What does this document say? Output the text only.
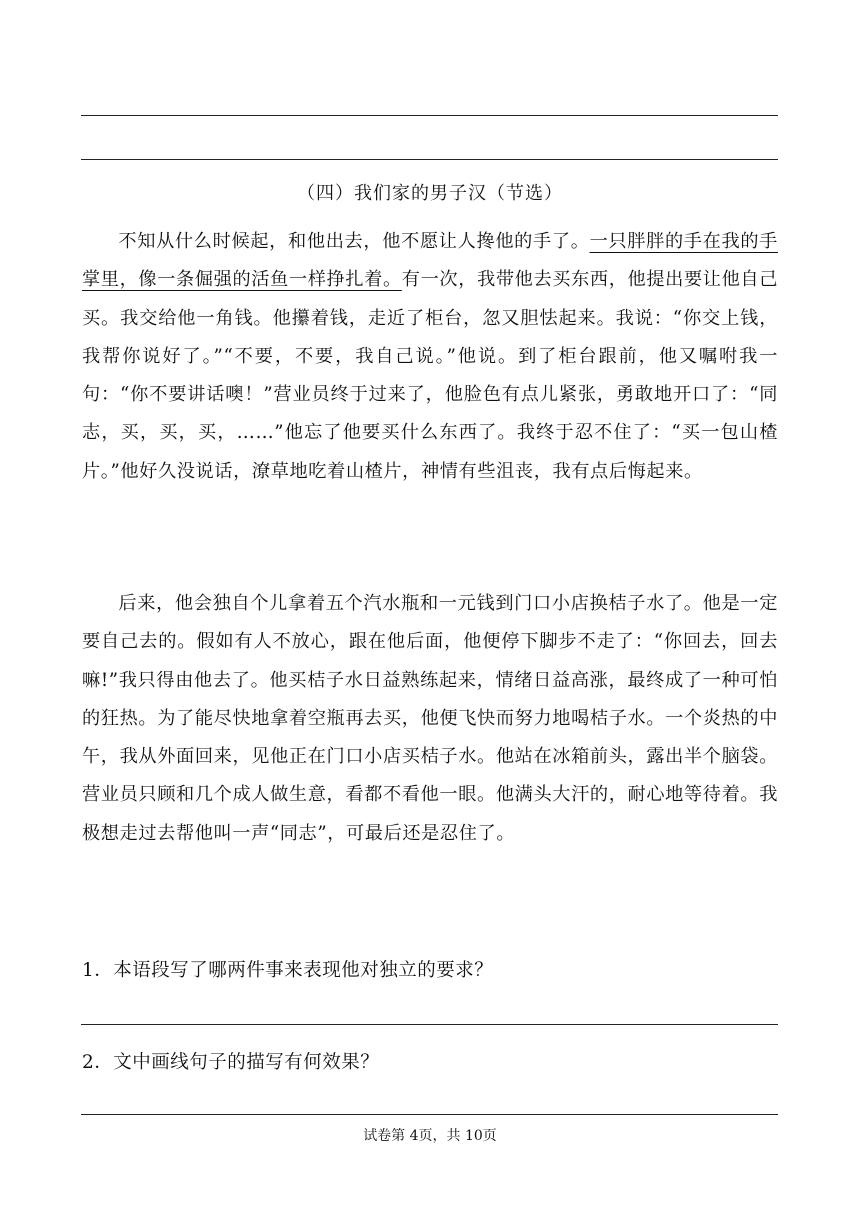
（四）我们家的男子汉（节选）

不知从什么时候起，和他出去，他不愿让人搀他的手了。一只胖胖的手在我的手掌里，像一条倔强的活鱼一样挣扎着。有一次，我带他去买东西，他提出要让他自己买。我交给他一角钱。他攥着钱，走近了柜台，忽又胆怯起来。我说：“你交上钱，我帮你说好了。”“不要，不要，我自己说。”他说。到了柜台跟前，他又嘱咐我一句：“你不要讲话噢！”营业员终于过来了，他脸色有点儿紧张，勇敢地开口了：“同志，买，买，买，……”他忘了他要买什么东西了。我终于忍不住了：“买一包山楂片。”他好久没说话，潦草地吃着山楂片，神情有些沮丧，我有点后悔起来。

后来，他会独自个儿拿着五个汽水瓶和一元钱到门口小店换桔子水了。他是一定要自己去的。假如有人不放心，跟在他后面，他便停下脚步不走了：“你回去，回去嘛!”我只得由他去了。他买桔子水日益熟练起来，情绪日益高涨，最终成了一种可怕的狂热。为了能尽快地拿着空瓶再去买，他便飞快而努力地喝桔子水。一个炎热的中午，我从外面回来，见他正在门口小店买桔子水。他站在冰箱前头，露出半个脑袋。营业员只顾和几个成人做生意，看都不看他一眼。他满头大汗的，耐心地等待着。我极想走过去帮他叫一声“同志”，可最后还是忍住了。

1．本语段写了哪两件事来表现他对独立的要求？

2．文中画线句子的描写有何效果？

试卷第 4页，共 10页
